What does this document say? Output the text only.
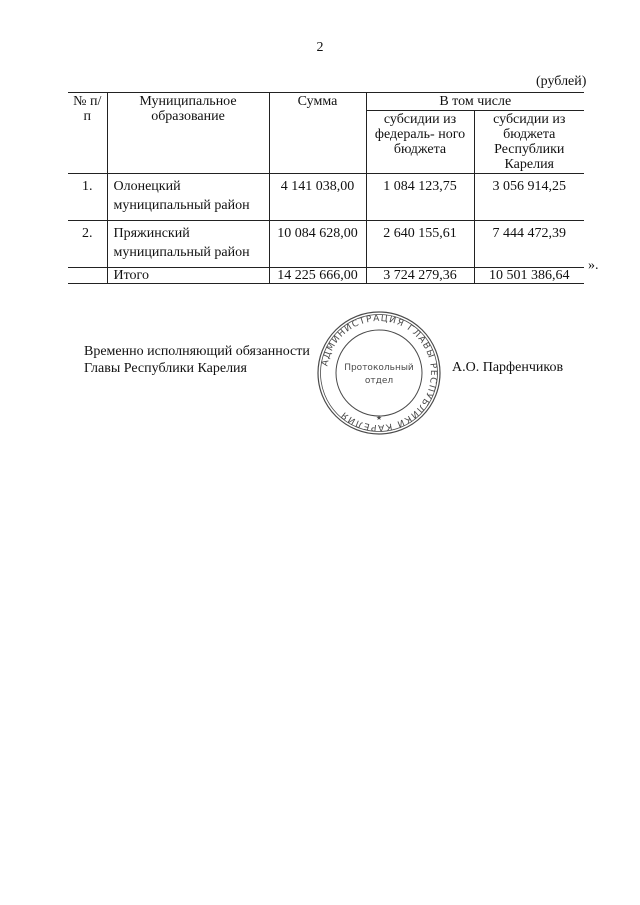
2
(рублей)
№ п/п	Муниципальное образование	Сумма	В том числе	
			субсидии из федераль- ного бюджета	субсидии из бюджета Республики Карелия
1.	Олонецкий муниципальный район	4 141 038,00	1 084 123,75	3 056 914,25
2.	Пряжинский муниципальный район	10 084 628,00	2 640 155,61	7 444 472,39
	Итого	14 225 666,00	3 724 279,36	10 501 386,64
».
Временно исполняющий обязанности
Главы Республики Карелия	А.О. Парфенчиков
АДМИНИСТРАЦИЯ ГЛАВЫ РЕСПУБЛИКИ КАРЕЛИЯ
Протокольный
отдел
★
